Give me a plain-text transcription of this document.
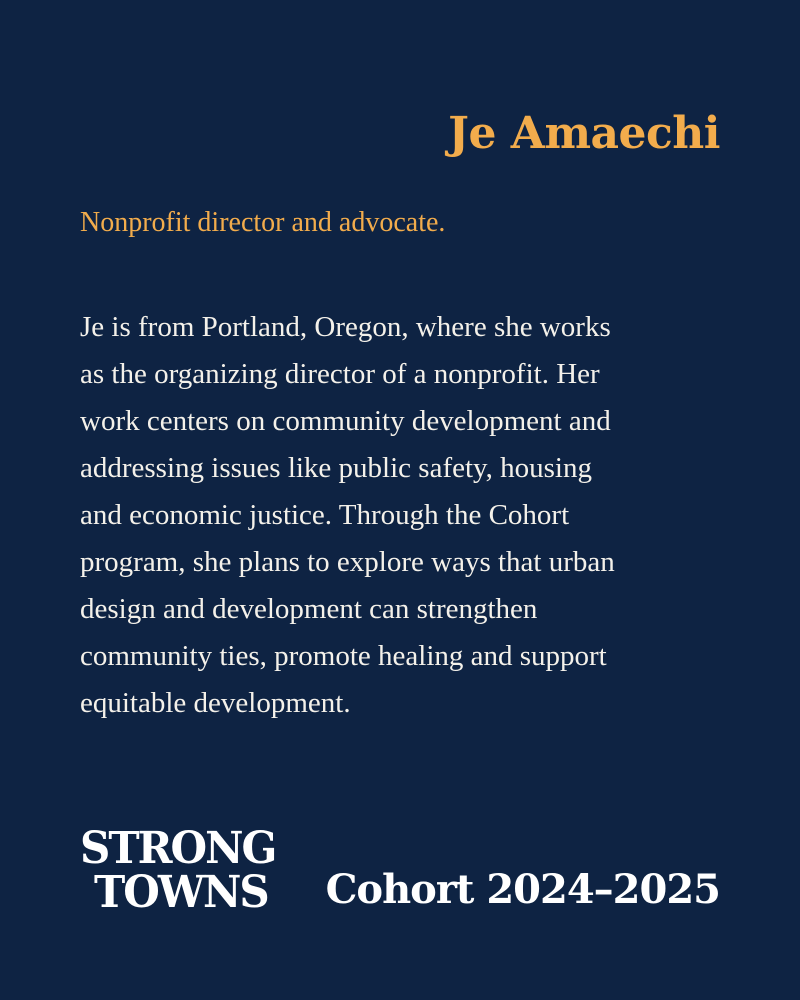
Je Amaechi

Nonprofit director and advocate.

Je is from Portland, Oregon, where she works
as the organizing director of a nonprofit. Her
work centers on community development and
addressing issues like public safety, housing
and economic justice. Through the Cohort
program, she plans to explore ways that urban
design and development can strengthen
community ties, promote healing and support
equitable development.
STRONG
TOWNS Cohort 2024–2025
